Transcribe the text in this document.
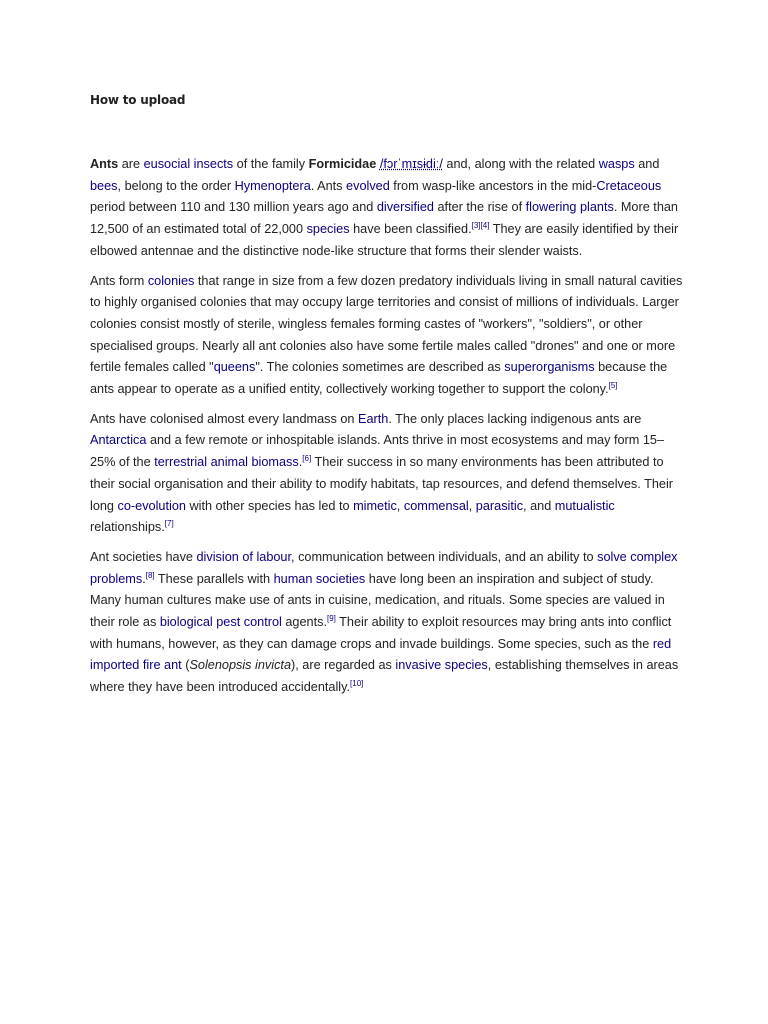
How to upload

Ants are eusocial insects of the family Formicidae /fɔrˈmɪsɨdiː/ and, along with the related wasps and bees, belong to the order Hymenoptera. Ants evolved from wasp-like ancestors in the mid-Cretaceous period between 110 and 130 million years ago and diversified after the rise of flowering plants. More than 12,500 of an estimated total of 22,000 species have been classified.[3][4] They are easily identified by their elbowed antennae and the distinctive node-like structure that forms their slender waists.

Ants form colonies that range in size from a few dozen predatory individuals living in small natural cavities to highly organised colonies that may occupy large territories and consist of millions of individuals. Larger colonies consist mostly of sterile, wingless females forming castes of "workers", "soldiers", or other specialised groups. Nearly all ant colonies also have some fertile males called "drones" and one or more fertile females called "queens". The colonies sometimes are described as superorganisms because the ants appear to operate as a unified entity, collectively working together to support the colony.[5]

Ants have colonised almost every landmass on Earth. The only places lacking indigenous ants are Antarctica and a few remote or inhospitable islands. Ants thrive in most ecosystems and may form 15–25% of the terrestrial animal biomass.[6] Their success in so many environments has been attributed to their social organisation and their ability to modify habitats, tap resources, and defend themselves. Their long co-evolution with other species has led to mimetic, commensal, parasitic, and mutualistic relationships.[7]

Ant societies have division of labour, communication between individuals, and an ability to solve complex problems.[8] These parallels with human societies have long been an inspiration and subject of study. Many human cultures make use of ants in cuisine, medication, and rituals. Some species are valued in their role as biological pest control agents.[9] Their ability to exploit resources may bring ants into conflict with humans, however, as they can damage crops and invade buildings. Some species, such as the red imported fire ant (Solenopsis invicta), are regarded as invasive species, establishing themselves in areas where they have been introduced accidentally.[10]
